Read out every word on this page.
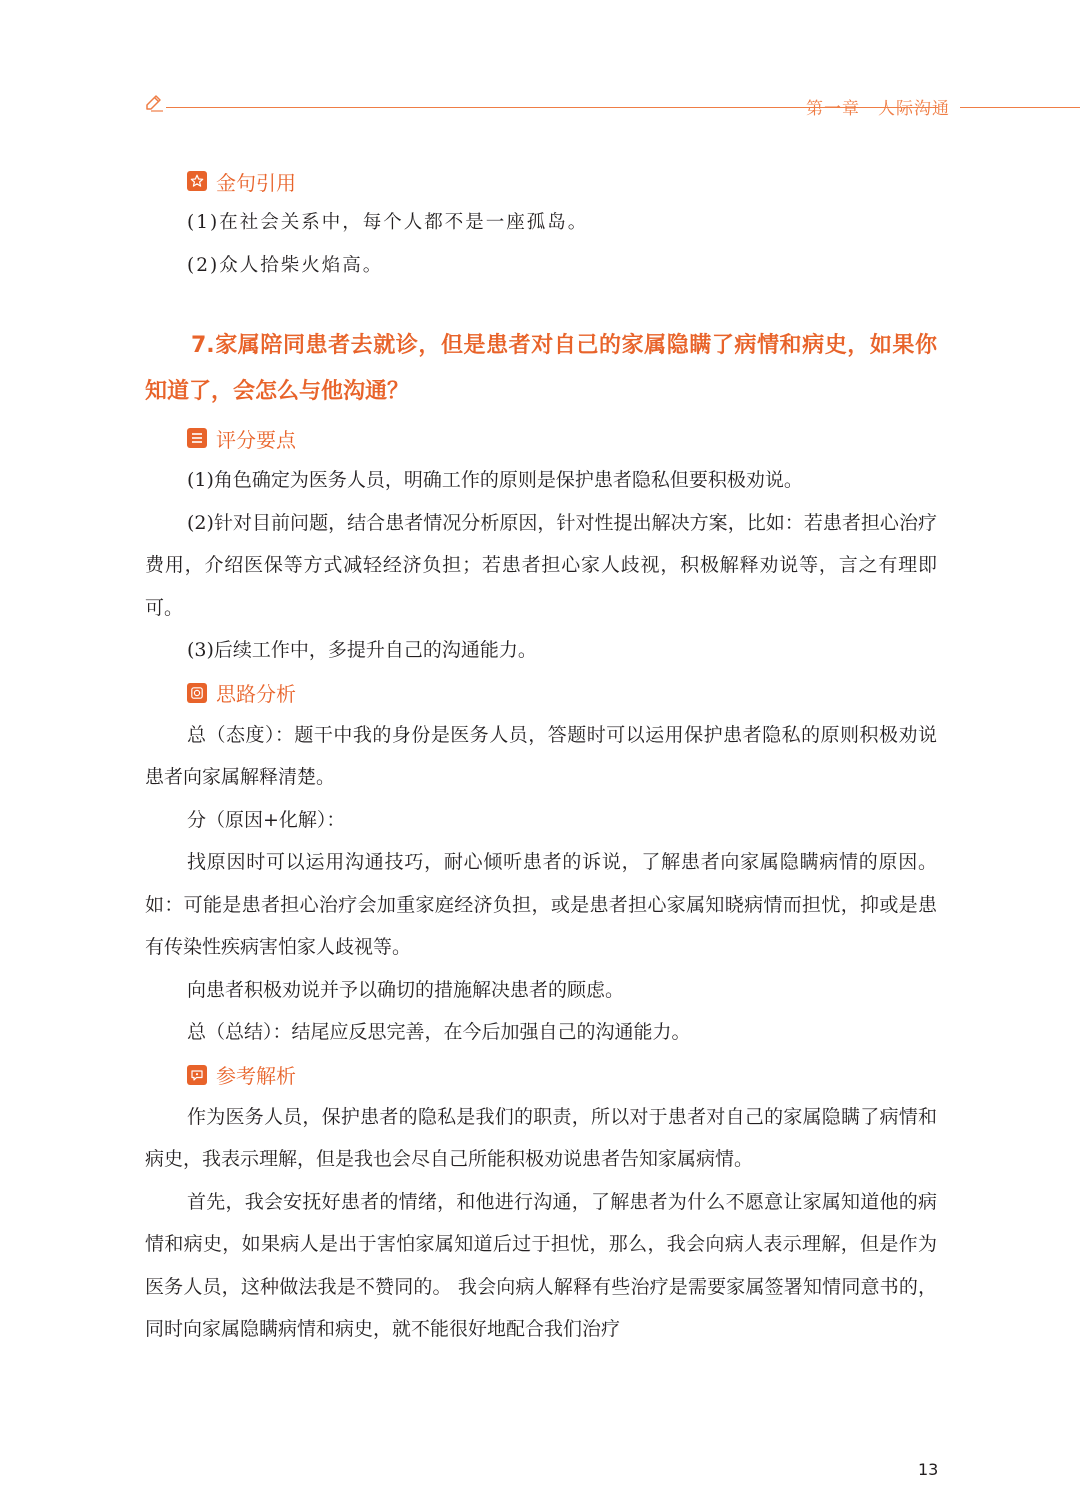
第一章　人际沟通
金句引用

(1)在社会关系中，每个人都不是一座孤岛。

(2)众人拾柴火焰高。

7.家属陪同患者去就诊，但是患者对自己的家属隐瞒了病情和病史，如果你知道了，会怎么与他沟通？
评分要点

(1)角色确定为医务人员，明确工作的原则是保护患者隐私但要积极劝说。

(2)针对目前问题，结合患者情况分析原因，针对性提出解决方案，比如：若患者担心治疗费用，介绍医保等方式减轻经济负担；若患者担心家人歧视，积极解释劝说等，言之有理即可。

(3)后续工作中，多提升自己的沟通能力。

思路分析

总（态度）：题干中我的身份是医务人员，答题时可以运用保护患者隐私的原则积极劝说患者向家属解释清楚。

分（原因+化解）：

找原因时可以运用沟通技巧，耐心倾听患者的诉说，了解患者向家属隐瞒病情的原因。 如：可能是患者担心治疗会加重家庭经济负担，或是患者担心家属知晓病情而担忧，抑或是患有传染性疾病害怕家人歧视等。

向患者积极劝说并予以确切的措施解决患者的顾虑。

总（总结）：结尾应反思完善，在今后加强自己的沟通能力。

参考解析

作为医务人员，保护患者的隐私是我们的职责，所以对于患者对自己的家属隐瞒了病情和病史，我表示理解，但是我也会尽自己所能积极劝说患者告知家属病情。

首先，我会安抚好患者的情绪，和他进行沟通，了解患者为什么不愿意让家属知道他的病情和病史，如果病人是出于害怕家属知道后过于担忧，那么，我会向病人表示理解，但是作为医务人员，这种做法我是不赞同的。 我会向病人解释有些治疗是需要家属签署知情同意书的，同时向家属隐瞒病情和病史，就不能很好地配合我们治疗

13
